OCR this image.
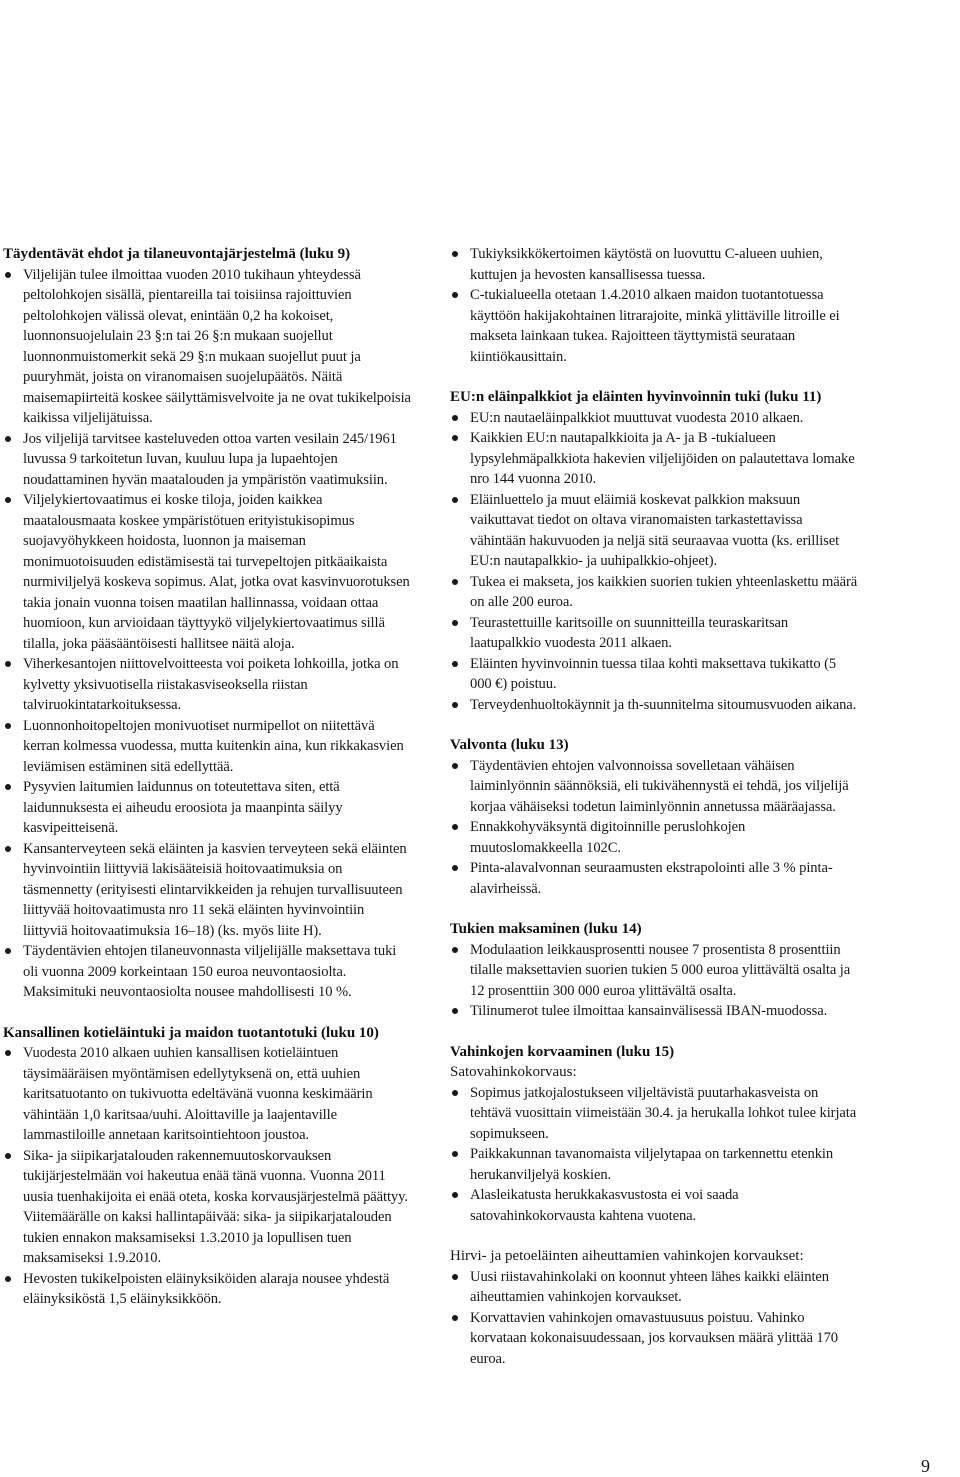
Täydentävät ehdot ja tilaneuvontajärjestelmä (luku 9)
Viljelijän tulee ilmoittaa vuoden 2010 tukihaun yhteydessä peltolohkojen sisällä, pientareilla tai toisiinsa rajoittuvien peltolohkojen välissä olevat, enintään 0,2 ha kokoiset, luonnonsuojelulain 23 §:n tai 26 §:n mukaan suojellut luonnonmuistomerkit sekä 29 §:n mukaan suojellut puut ja puuryhmät, joista on viranomaisen suojelupäätös. Näitä maisemapiirteitä koskee säilyttämisvelvoite ja ne ovat tukikelpoisia kaikissa viljelijätuissa.
Jos viljelijä tarvitsee kasteluveden ottoa varten vesilain 245/1961 luvussa 9 tarkoitetun luvan, kuuluu lupa ja lupaehtojen noudattaminen hyvän maatalouden ja ympäristön vaatimuksiin.
Viljelykiertovaatimus ei koske tiloja, joiden kaikkea maatalousmaata koskee ympäristötuen erityistukisopimus suojavyöhykkeen hoidosta, luonnon ja maiseman monimuotoisuuden edistämisestä tai turvepeltojen pitkäaikaista nurmiviljelyä koskeva sopimus. Alat, jotka ovat kasvinvuorotuksen takia jonain vuonna toisen maatilan hallinnassa, voidaan ottaa huomioon, kun arvioidaan täyttyykö viljelykiertovaatimus sillä tilalla, joka pääsääntöisesti hallitsee näitä aloja.
Viherkesantojen niittovelvoitteesta voi poiketa lohkoilla, jotka on kylvetty yksivuotisella riistakasviseoksella riistan talviruokintatarkoituksessa.
Luonnonhoitopeltojen monivuotiset nurmipellot on niitettävä kerran kolmessa vuodessa, mutta kuitenkin aina, kun rikkakasvien leviämisen estäminen sitä edellyttää.
Pysyvien laitumien laidunnus on toteutettava siten, että laidunnuksesta ei aiheudu eroosiota ja maanpinta säilyy kasvipeitteisenä.
Kansanterveyteen sekä eläinten ja kasvien terveyteen sekä eläinten hyvinvointiin liittyviä lakisääteisiä hoitovaatimuksia on täsmennetty (erityisesti elintarvikkeiden ja rehujen turvallisuuteen liittyvää hoitovaatimusta nro 11 sekä eläinten hyvinvointiin liittyviä hoitovaatimuksia 16–18) (ks. myös liite H).
Täydentävien ehtojen tilaneuvonnasta viljelijälle maksettava tuki oli vuonna 2009 korkeintaan 150 euroa neuvontaosiolta. Maksimituki neuvontaosiolta nousee mahdollisesti 10 %.
Kansallinen kotieläintuki ja maidon tuotantotuki (luku 10)
Vuodesta 2010 alkaen uuhien kansallisen kotieläintuen täysimääräisen myöntämisen edellytyksenä on, että uuhien karitsatuotanto on tukivuotta edeltävänä vuonna keskimäärin vähintään 1,0 karitsaa/uuhi. Aloittaville ja laajentaville lammastiloille annetaan karitsointiehtoon joustoa.
Sika- ja siipikarjatalouden rakennemuutoskorvauksen tukijärjestelmään voi hakeutua enää tänä vuonna. Vuonna 2011 uusia tuenhakijoita ei enää oteta, koska korvausjärjestelmä päättyy. Viitemäärälle on kaksi hallintapäivää: sika- ja siipikarjatalouden tukien ennakon maksamiseksi 1.3.2010 ja lopullisen tuen maksamiseksi 1.9.2010.
Hevosten tukikelpoisten eläinyksiköiden alaraja nousee yhdestä eläinyksiköstä 1,5 eläinyksikköön.
Tukiyksikkökertoimen käytöstä on luovuttu C-alueen uuhien, kuttujen ja hevosten kansallisessa tuessa.
C-tukialueella otetaan 1.4.2010 alkaen maidon tuotantotuessa käyttöön hakijakohtainen litrarajoite, minkä ylittäville litroille ei makseta lainkaan tukea. Rajoitteen täyttymistä seurataan kiintiökausittain.
EU:n eläinpalkkiot ja eläinten hyvinvoinnin tuki (luku 11)
EU:n nautaeläinpalkkiot muuttuvat vuodesta 2010 alkaen.
Kaikkien EU:n nautapalkkioita ja A- ja B -tukialueen lypsylehmäpalkkiota hakevien viljelijöiden on palautettava lomake nro 144 vuonna 2010.
Eläinluettelo ja muut eläimiä koskevat palkkion maksuun vaikuttavat tiedot on oltava viranomaisten tarkastettavissa vähintään hakuvuoden ja neljä sitä seuraavaa vuotta (ks. erilliset EU:n nautapalkkio- ja uuhipalkkio-ohjeet).
Tukea ei makseta, jos kaikkien suorien tukien yhteenlaskettu määrä on alle 200 euroa.
Teurastettuille karitsoille on suunnitteilla teuraskaritsan laatupalkkio vuodesta 2011 alkaen.
Eläinten hyvinvoinnin tuessa tilaa kohti maksettava tukikatto (5 000 €) poistuu.
Terveydenhuoltokäynnit ja th-suunnitelma sitoumusvuoden aikana.
Valvonta (luku 13)
Täydentävien ehtojen valvonnoissa sovelletaan vähäisen laiminlyönnin säännöksiä, eli tukivähennystä ei tehdä, jos viljelijä korjaa vähäiseksi todetun laiminlyönnin annetussa määräajassa.
Ennakkohyväksyntä digitoinnille peruslohkojen muutoslomakkeella 102C.
Pinta-alavalvonnan seuraamusten ekstrapolointi alle 3 % pinta-alavirheissä.
Tukien maksaminen (luku 14)
Modulaation leikkausprosentti nousee 7 prosentista 8 prosenttiin tilalle maksettavien suorien tukien 5 000 euroa ylittävältä osalta ja 12 prosenttiin 300 000 euroa ylittävältä osalta.
Tilinumerot tulee ilmoittaa kansainvälisessä IBAN-muodossa.
Vahinkojen korvaaminen (luku 15)
Satovahinkokorvaus:
Sopimus jatkojalostukseen viljeltävistä puutarhakasveista on tehtävä vuosittain viimeistään 30.4. ja herukalla lohkot tulee kirjata sopimukseen.
Paikkakunnan tavanomaista viljelytapaa on tarkennettu etenkin herukanviljelyä koskien.
Alasleikatusta herukkakasvustosta ei voi saada satovahinkokorvausta kahtena vuotena.
Hirvi- ja petoeläinten aiheuttamien vahinkojen korvaukset:
Uusi riistavahinkolaki on koonnut yhteen lähes kaikki eläinten aiheuttamien vahinkojen korvaukset.
Korvattavien vahinkojen omavastuusuus poistuu. Vahinko korvataan kokonaisuudessaan, jos korvauksen määrä ylittää 170 euroa.
9
